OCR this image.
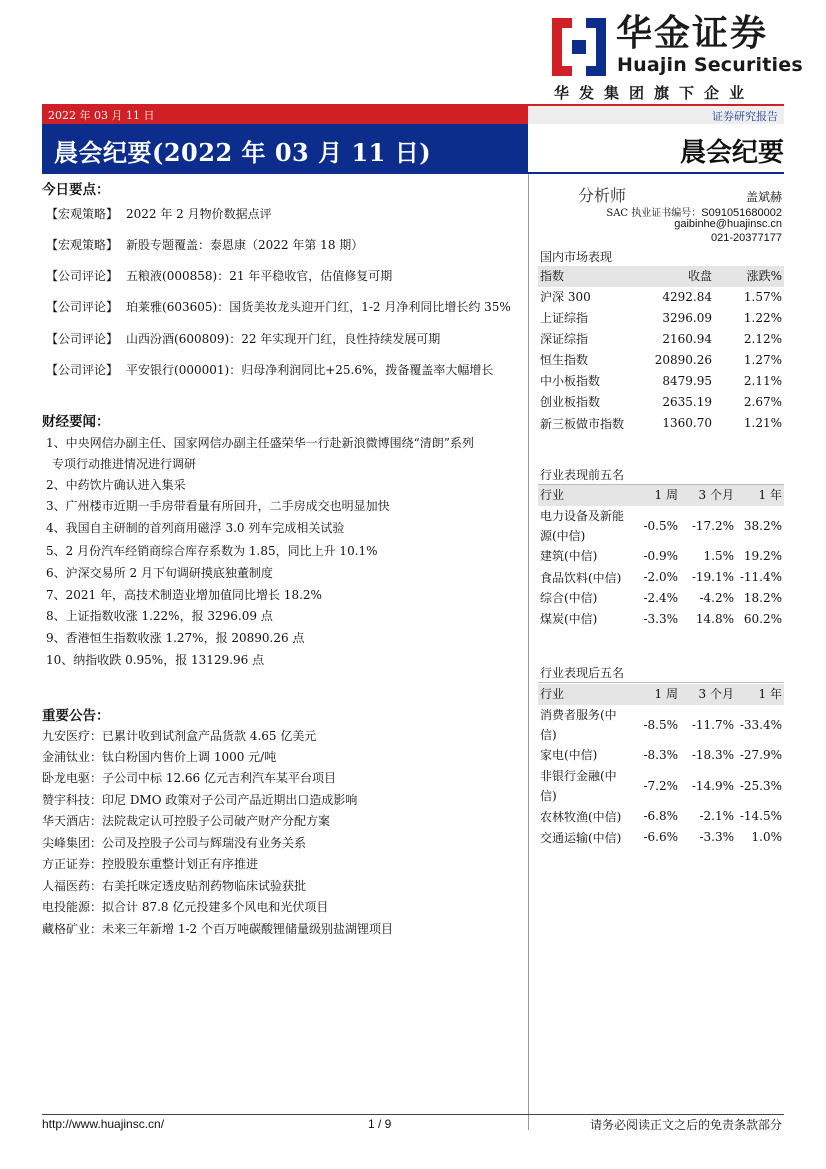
华金证券
Huajin Securities
华发集团旗下企业
2022 年 03 月 11 日	证券研究报告
晨会纪要(2022 年 03 月 11 日)	晨会纪要
今日要点：
【宏观策略】 2022 年 2 月物价数据点评
【宏观策略】 新股专题覆盖：泰恩康（2022 年第 18 期）
【公司评论】 五粮液(000858)：21 年平稳收官，估值修复可期
【公司评论】 珀莱雅(603605)：国货美妆龙头迎开门红，1-2 月净利同比增长约 35%
【公司评论】 山西汾酒(600809)：22 年实现开门红，良性持续发展可期
【公司评论】 平安银行(000001)：归母净利润同比+25.6%，拨备覆盖率大幅增长
财经要闻：
1、中央网信办副主任、国家网信办副主任盛荣华一行赴新浪微博围绕“清朗”系列
专项行动推进情况进行调研
2、中药饮片确认进入集采
3、广州楼市近期一手房带看量有所回升，二手房成交也明显加快
4、我国自主研制的首列商用磁浮 3.0 列车完成相关试验
5、2 月份汽车经销商综合库存系数为 1.85，同比上升 10.1%
6、沪深交易所 2 月下旬调研摸底独董制度
7、2021 年，高技术制造业增加值同比增长 18.2%
8、上证指数收涨 1.22%，报 3296.09 点
9、香港恒生指数收涨 1.27%，报 20890.26 点
10、纳指收跌 0.95%，报 13129.96 点
重要公告：
九安医疗：已累计收到试剂盒产品货款 4.65 亿美元
金浦钛业：钛白粉国内售价上调 1000 元/吨
卧龙电驱：子公司中标 12.66 亿元吉利汽车某平台项目
赞宇科技：印尼 DMO 政策对子公司产品近期出口造成影响
华天酒店：法院裁定认可控股子公司破产财产分配方案
尖峰集团：公司及控股子公司与辉瑞没有业务关系
方正证券：控股股东重整计划正有序推进
人福医药：右美托咪定透皮贴剂药物临床试验获批
电投能源：拟合计 87.8 亿元投建多个风电和光伏项目
藏格矿业：未来三年新增 1-2 个百万吨碳酸锂储量级别盐湖锂项目
分析师	盖斌赫
SAC 执业证书编号：S0910516800​02
gaibinhe@huajinsc.cn
021-20377177
国内市场表现
指数	收盘	涨跌%
沪深 300	4292.84	1.57%
上证综指	3296.09	1.22%
深证综指	2160.94	2.12%
恒生指数	20890.26	1.27%
中小板指数	8479.95	2.11%
创业板指数	2635.19	2.67%
新三板做市指数	1360.70	1.21%
行业表现前五名
行业	1 周	3 个月	1 年
电力设备及新能源(中信)	-0.5%	-17.2%	38.2%
建筑(中信)	-0.9%	1.5%	19.2%
食品饮料(中信)	-2.0%	-19.1%	-11.4%
综合(中信)	-2.4%	-4.2%	18.2%
煤炭(中信)	-3.3%	14.8%	60.2%
行业表现后五名
行业	1 周	3 个月	1 年
消费者服务(中信)	-8.5%	-11.7%	-33.4%
家电(中信)	-8.3%	-18.3%	-27.9%
非银行金融(中信)	-7.2%	-14.9%	-25.3%
农林牧渔(中信)	-6.8%	-2.1%	-14.5%
交通运输(中信)	-6.6%	-3.3%	1.0%
http://www.huajinsc.cn/	1 / 9	请务必阅读正文之后的免责条款部分
